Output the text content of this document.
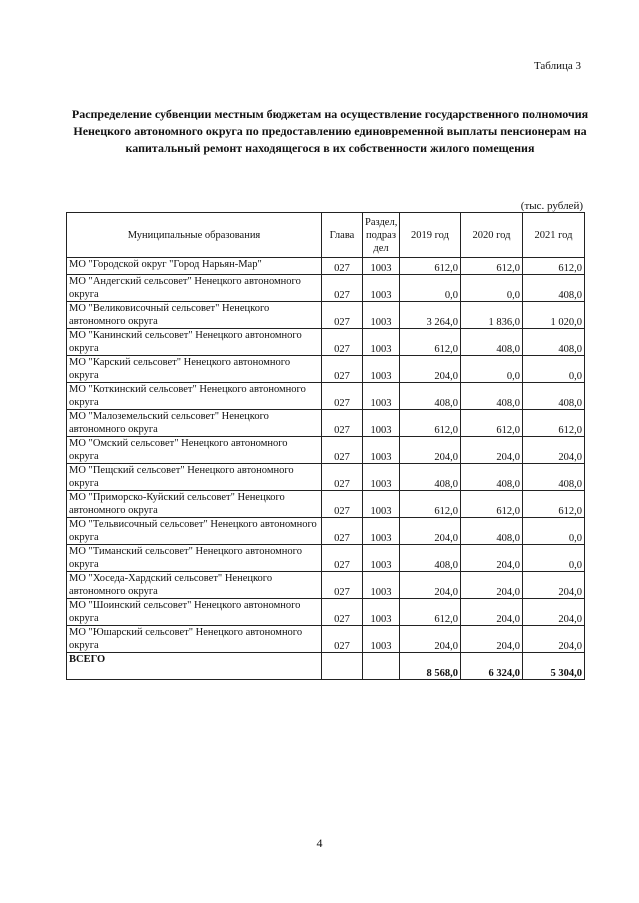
Таблица 3
Распределение субвенции местным бюджетам на осуществление государственного полномочия Ненецкого автономного округа по предоставлению единовременной выплаты пенсионерам на капитальный ремонт находящегося в их собственности жилого помещения
(тыс. рублей)
Муниципальные образования	Глава	Раздел, подраз дел	2019 год	2020 год	2021 год
МО "Городской округ "Город Нарьян-Мар"	027	1003	612,0	612,0	612,0
МО "Андегский сельсовет" Ненецкого автономного округа	027	1003	0,0	0,0	408,0
МО "Великовисочный сельсовет" Ненецкого автономного округа	027	1003	3 264,0	1 836,0	1 020,0
МО "Канинский сельсовет" Ненецкого автономного округа	027	1003	612,0	408,0	408,0
МО "Карский сельсовет" Ненецкого автономного округа	027	1003	204,0	0,0	0,0
МО "Коткинский сельсовет" Ненецкого автономного округа	027	1003	408,0	408,0	408,0
МО "Малоземельский сельсовет" Ненецкого автономного округа	027	1003	612,0	612,0	612,0
МО "Омский сельсовет" Ненецкого автономного округа	027	1003	204,0	204,0	204,0
МО "Пещский сельсовет" Ненецкого автономного округа	027	1003	408,0	408,0	408,0
МО "Приморско-Куйский сельсовет" Ненецкого автономного округа	027	1003	612,0	612,0	612,0
МО "Тельвисочный сельсовет" Ненецкого автономного округа	027	1003	204,0	408,0	0,0
МО "Тиманский сельсовет" Ненецкого автономного округа	027	1003	408,0	204,0	0,0
МО "Хоседа-Хардский сельсовет" Ненецкого автономного округа	027	1003	204,0	204,0	204,0
МО "Шоинский сельсовет" Ненецкого автономного округа	027	1003	612,0	204,0	204,0
МО "Юшарский сельсовет" Ненецкого автономного округа	027	1003	204,0	204,0	204,0
ВСЕГО			8 568,0	6 324,0	5 304,0
4
